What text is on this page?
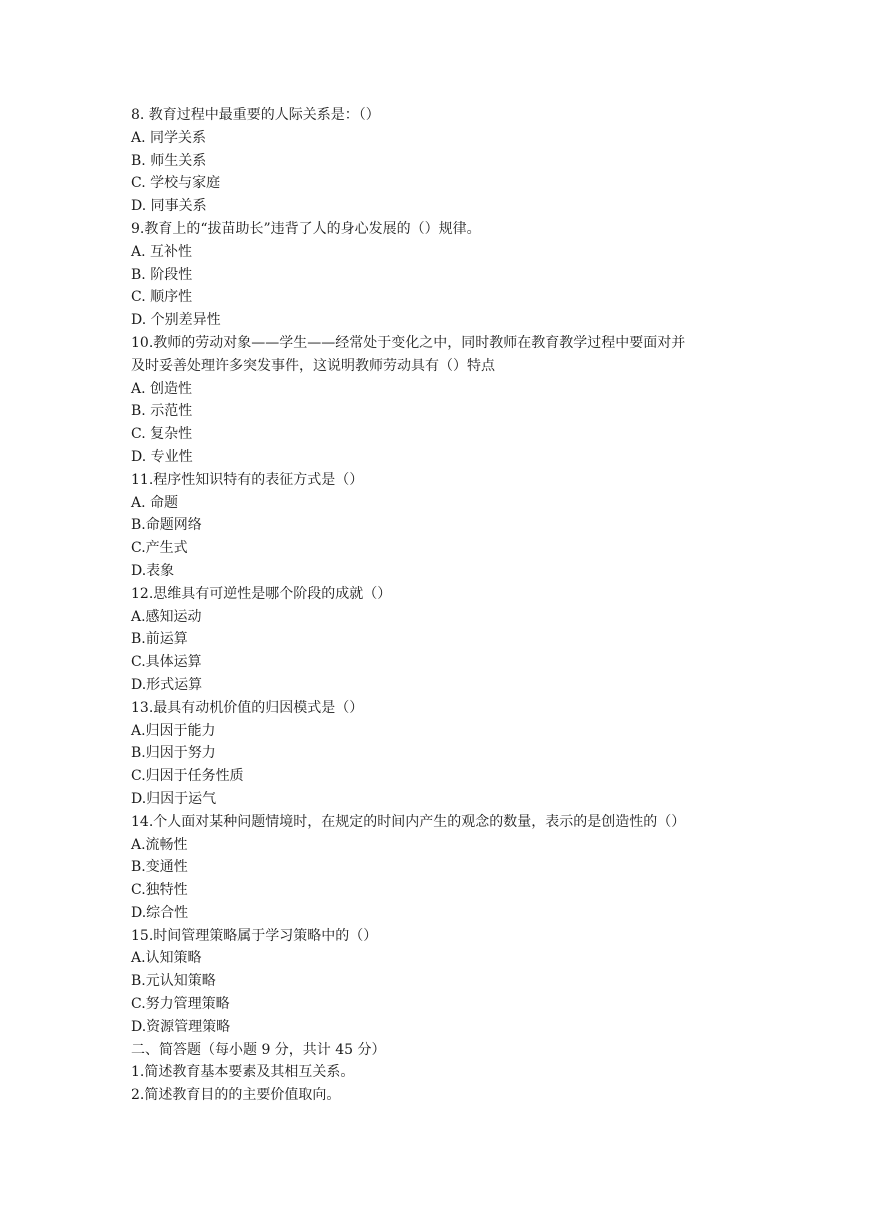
8. 教育过程中最重要的人际关系是：（）
A. 同学关系
B. 师生关系
C. 学校与家庭
D. 同事关系
9.教育上的“拔苗助长”违背了人的身心发展的（）规律。
A. 互补性
B. 阶段性
C. 顺序性
D. 个别差异性
10.教师的劳动对象——学生——经常处于变化之中，同时教师在教育教学过程中要面对并
及时妥善处理许多突发事件，这说明教师劳动具有（）特点
A. 创造性
B. 示范性
C. 复杂性
D. 专业性
11.程序性知识特有的表征方式是（）
A. 命题
B.命题网络
C.产生式
D.表象
12.思维具有可逆性是哪个阶段的成就（）
A.感知运动
B.前运算
C.具体运算
D.形式运算
13.最具有动机价值的归因模式是（）
A.归因于能力
B.归因于努力
C.归因于任务性质
D.归因于运气
14.个人面对某种问题情境时，在规定的时间内产生的观念的数量，表示的是创造性的（）
A.流畅性
B.变通性
C.独特性
D.综合性
15.时间管理策略属于学习策略中的（）
A.认知策略
B.元认知策略
C.努力管理策略
D.资源管理策略
二、简答题（每小题 9 分，共计 45 分）
1.简述教育基本要素及其相互关系。
2.简述教育目的的主要价值取向。
